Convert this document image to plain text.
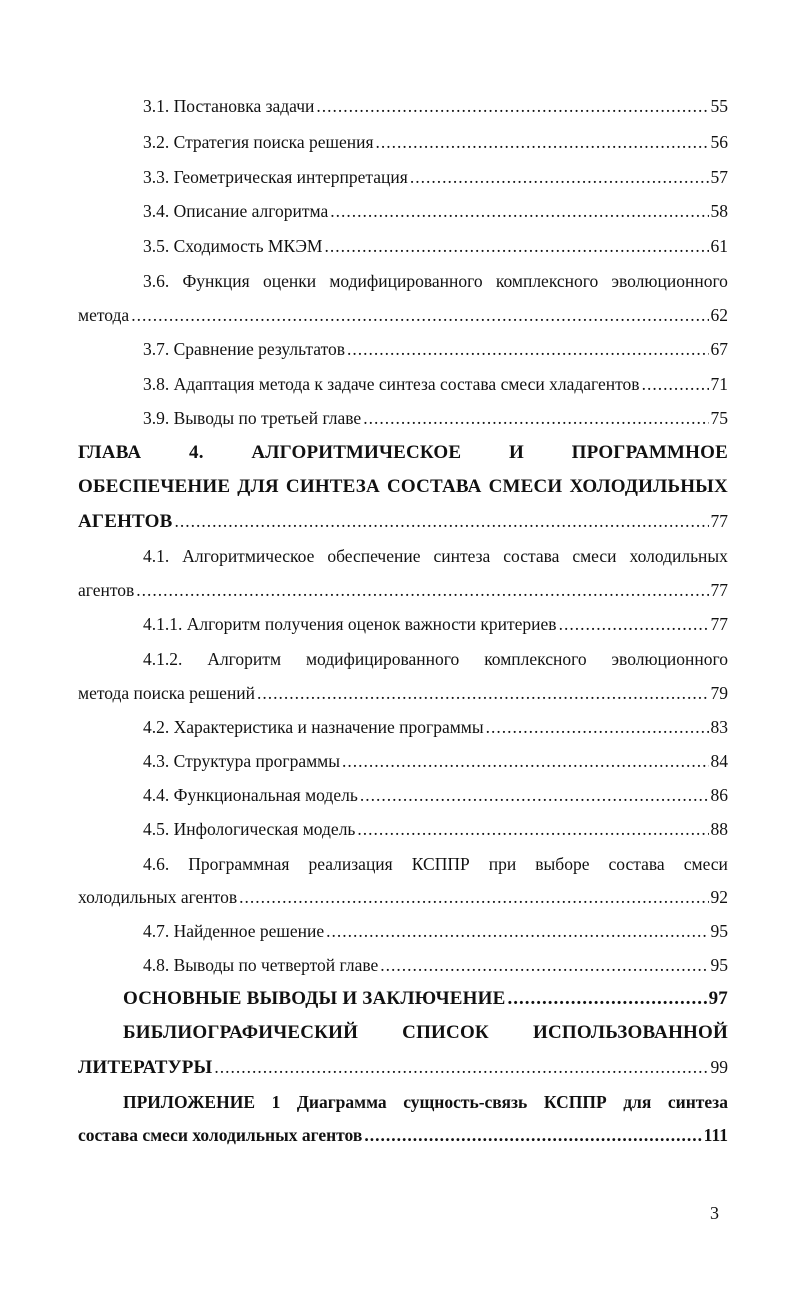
3.1. Постановка задачи .....	55
3.2. Стратегия поиска решения .....	56
3.3. Геометрическая интерпретация .....	57
3.4. Описание алгоритма .....	58
3.5. Сходимость МКЭМ .....	61
3.6. Функция оценки модифицированного комплексного эволюционного
метода .....	62
3.7. Сравнение результатов .....	67
3.8. Адаптация метода к задаче синтеза состава смеси хладагентов .....	71
3.9. Выводы по третьей главе .....	75
ГЛАВА	4.	АЛГОРИТМИЧЕСКОЕ	И	ПРОГРАММНОЕ
ОБЕСПЕЧЕНИЕ ДЛЯ СИНТЕЗА СОСТАВА СМЕСИ ХОЛОДИЛЬНЫХ
АГЕНТОВ .....	77
4.1. Алгоритмическое обеспечение синтеза состава смеси холодильных
агентов .....	77
4.1.1. Алгоритм получения оценок важности критериев .....	77
4.1.2. Алгоритм модифицированного комплексного эволюционного
метода поиска решений .....	79
4.2. Характеристика и назначение программы .....	83
4.3. Структура программы .....	84
4.4. Функциональная модель .....	86
4.5. Инфологическая модель .....	88
4.6. Программная реализация КСППР при выборе состава смеси
холодильных агентов .....	92
4.7. Найденное решение .....	95
4.8. Выводы по четвертой главе .....	95
ОСНОВНЫЕ ВЫВОДЫ И ЗАКЛЮЧЕНИЕ .....	97
БИБЛИОГРАФИЧЕСКИЙ СПИСОК ИСПОЛЬЗОВАННОЙ
ЛИТЕРАТУРЫ .....	99
ПРИЛОЖЕНИЕ 1 Диаграмма сущность-связь КСППР для синтеза
состава смеси холодильных агентов .....	111
3
